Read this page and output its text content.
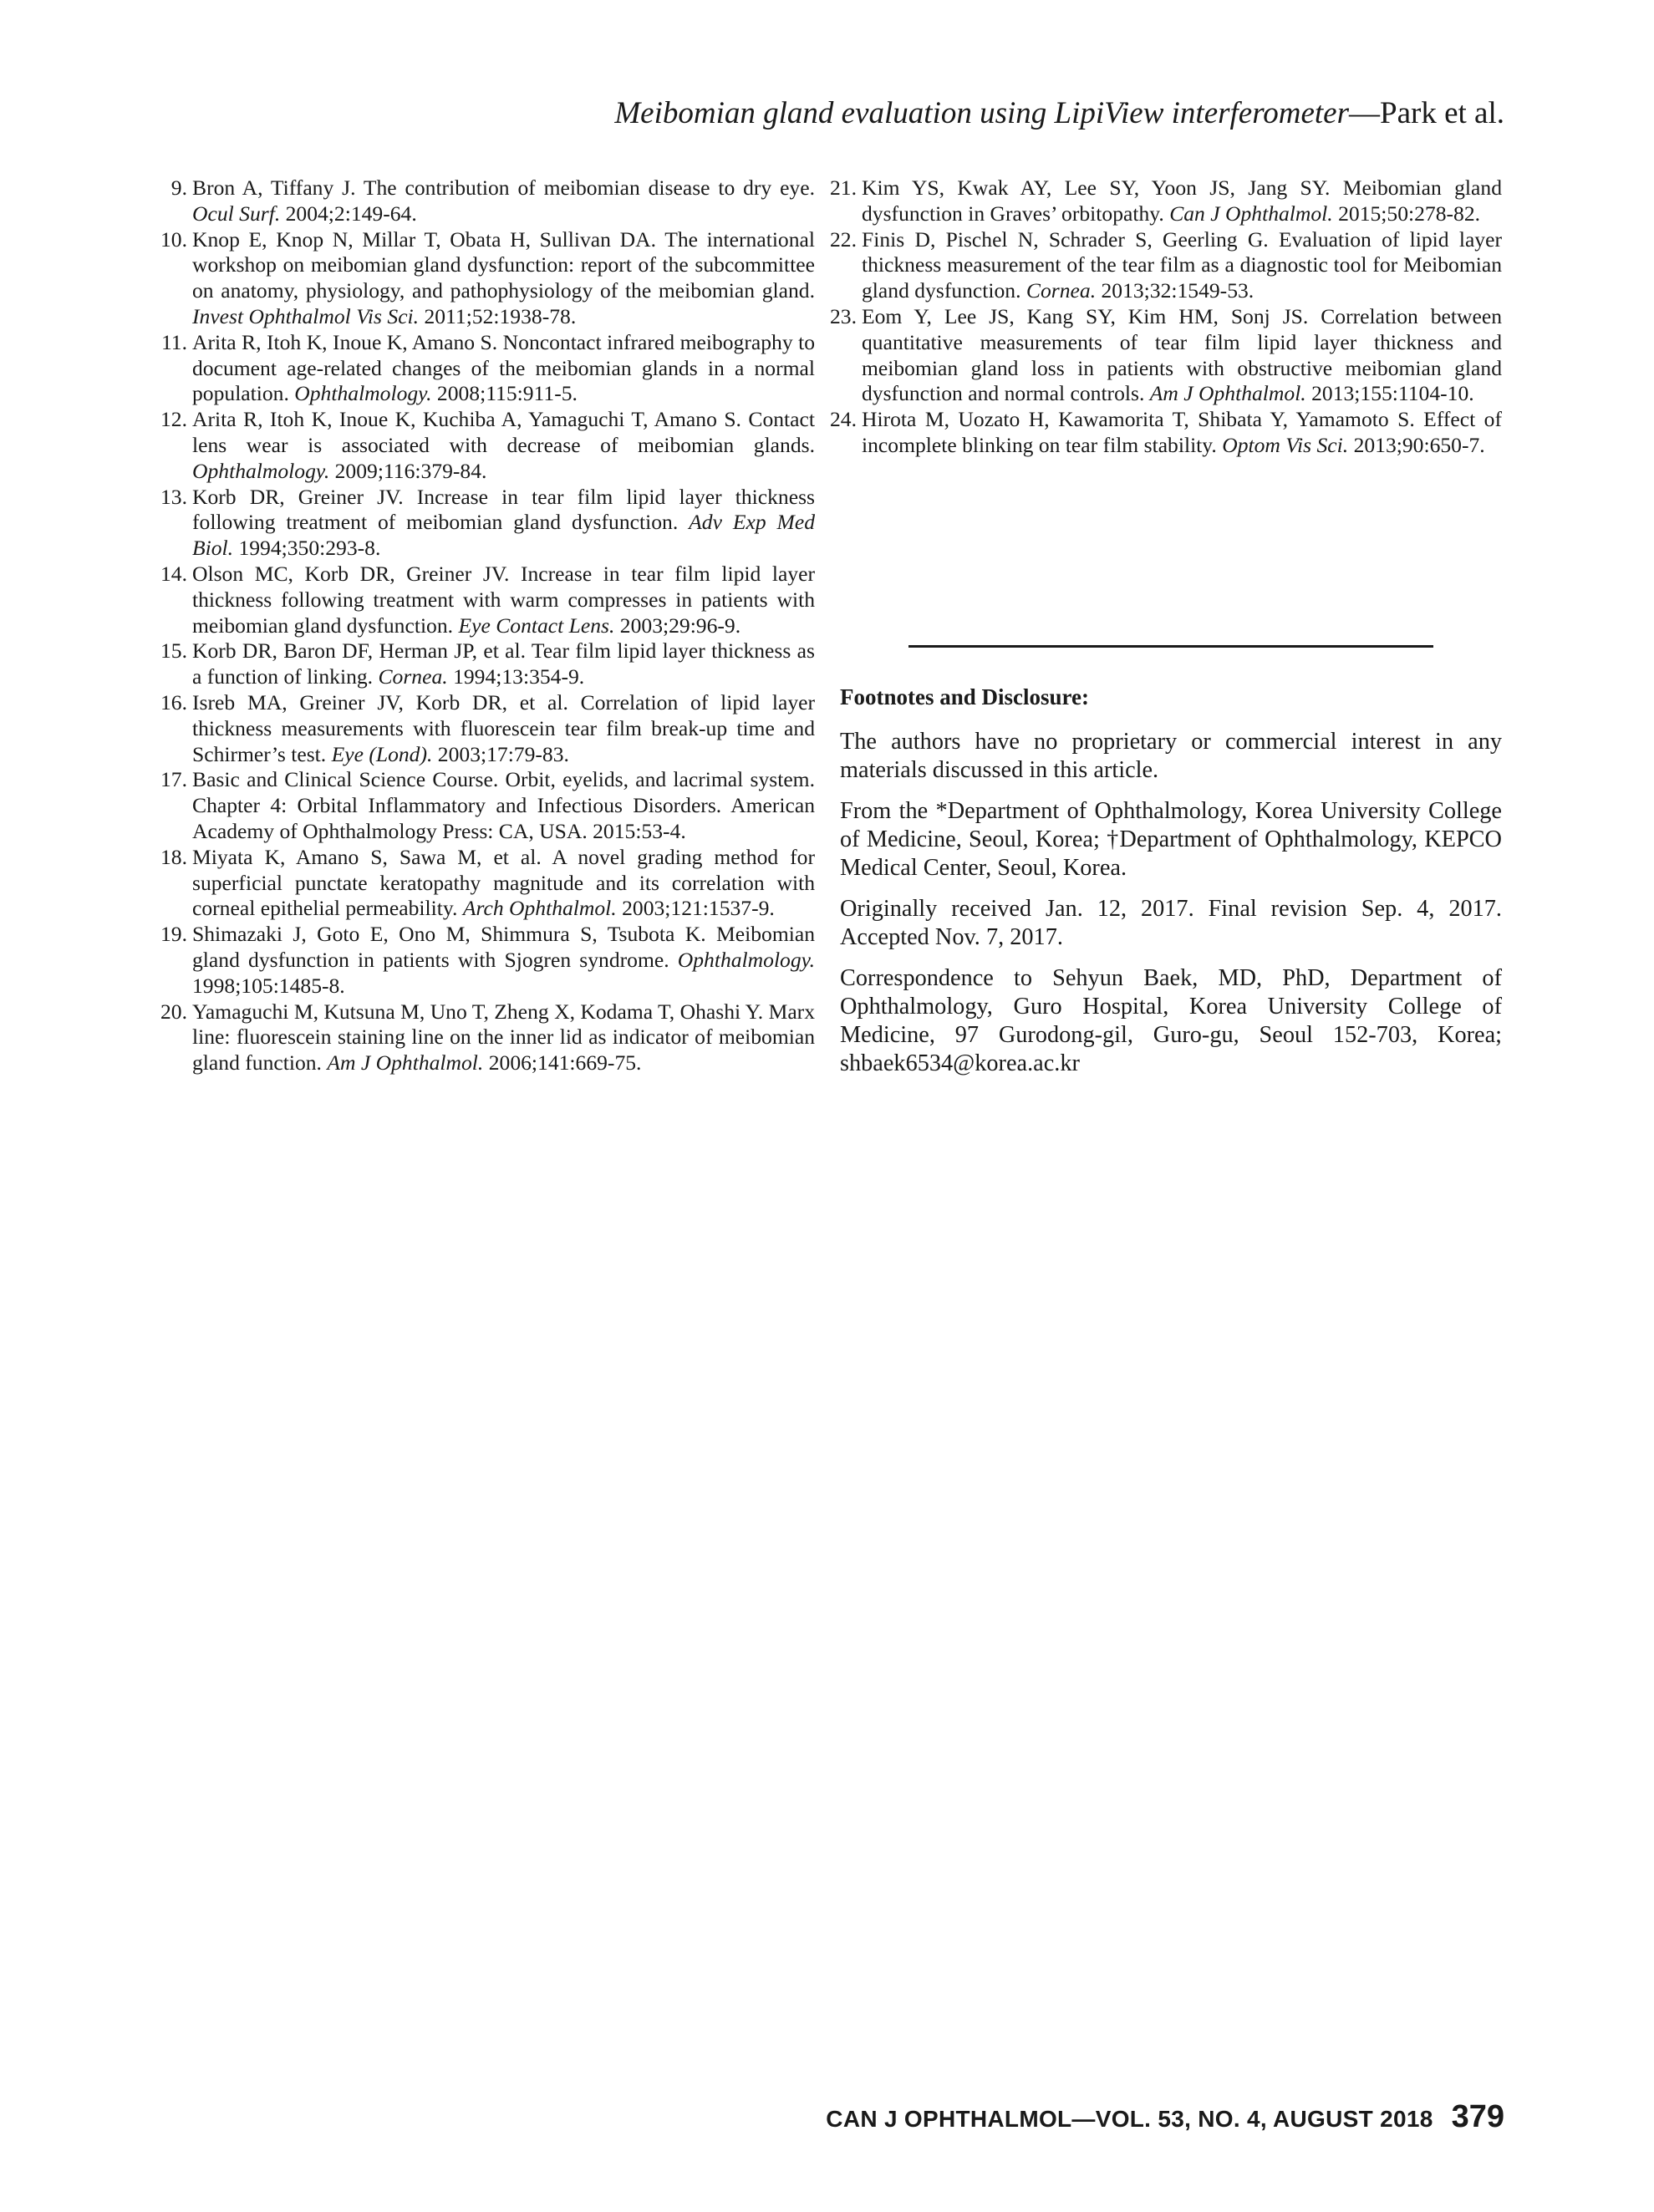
Meibomian gland evaluation using LipiView interferometer—Park et al.
9. Bron A, Tiffany J. The contribution of meibomian disease to dry eye. Ocul Surf. 2004;2:149-64.
10. Knop E, Knop N, Millar T, Obata H, Sullivan DA. The international workshop on meibomian gland dysfunction: report of the subcommittee on anatomy, physiology, and pathophysiology of the meibomian gland. Invest Ophthalmol Vis Sci. 2011;52:1938-78.
11. Arita R, Itoh K, Inoue K, Amano S. Noncontact infrared meibography to document age-related changes of the meibomian glands in a normal population. Ophthalmology. 2008;115:911-5.
12. Arita R, Itoh K, Inoue K, Kuchiba A, Yamaguchi T, Amano S. Contact lens wear is associated with decrease of meibomian glands. Ophthalmology. 2009;116:379-84.
13. Korb DR, Greiner JV. Increase in tear film lipid layer thickness following treatment of meibomian gland dysfunction. Adv Exp Med Biol. 1994;350:293-8.
14. Olson MC, Korb DR, Greiner JV. Increase in tear film lipid layer thickness following treatment with warm compresses in patients with meibomian gland dysfunction. Eye Contact Lens. 2003;29:96-9.
15. Korb DR, Baron DF, Herman JP, et al. Tear film lipid layer thickness as a function of linking. Cornea. 1994;13:354-9.
16. Isreb MA, Greiner JV, Korb DR, et al. Correlation of lipid layer thickness measurements with fluorescein tear film break-up time and Schirmer’s test. Eye (Lond). 2003;17:79-83.
17. Basic and Clinical Science Course. Orbit, eyelids, and lacrimal system. Chapter 4: Orbital Inflammatory and Infectious Disorders. American Academy of Ophthalmology Press: CA, USA. 2015:53-4.
18. Miyata K, Amano S, Sawa M, et al. A novel grading method for superficial punctate keratopathy magnitude and its correlation with corneal epithelial permeability. Arch Ophthalmol. 2003;121:1537-9.
19. Shimazaki J, Goto E, Ono M, Shimmura S, Tsubota K. Meibomian gland dysfunction in patients with Sjogren syndrome. Ophthalmology. 1998;105:1485-8.
20. Yamaguchi M, Kutsuna M, Uno T, Zheng X, Kodama T, Ohashi Y. Marx line: fluorescein staining line on the inner lid as indicator of meibomian gland function. Am J Ophthalmol. 2006;141:669-75.
21. Kim YS, Kwak AY, Lee SY, Yoon JS, Jang SY. Meibomian gland dysfunction in Graves’ orbitopathy. Can J Ophthalmol. 2015;50:278-82.
22. Finis D, Pischel N, Schrader S, Geerling G. Evaluation of lipid layer thickness measurement of the tear film as a diagnostic tool for Meibomian gland dysfunction. Cornea. 2013;32:1549-53.
23. Eom Y, Lee JS, Kang SY, Kim HM, Sonj JS. Correlation between quantitative measurements of tear film lipid layer thickness and meibomian gland loss in patients with obstructive meibomian gland dysfunction and normal controls. Am J Ophthalmol. 2013;155:1104-10.
24. Hirota M, Uozato H, Kawamorita T, Shibata Y, Yamamoto S. Effect of incomplete blinking on tear film stability. Optom Vis Sci. 2013;90:650-7.
Footnotes and Disclosure:

The authors have no proprietary or commercial interest in any materials discussed in this article.

From the *Department of Ophthalmology, Korea University College of Medicine, Seoul, Korea; †Department of Ophthalmology, KEPCO Medical Center, Seoul, Korea.

Originally received Jan. 12, 2017. Final revision Sep. 4, 2017. Accepted Nov. 7, 2017.

Correspondence to Sehyun Baek, MD, PhD, Department of Ophthalmology, Guro Hospital, Korea University College of Medicine, 97 Gurodong-gil, Guro-gu, Seoul 152-703, Korea; shbaek6534@korea.ac.kr

CAN J OPHTHALMOL—VOL. 53, NO. 4, AUGUST 2018 379
